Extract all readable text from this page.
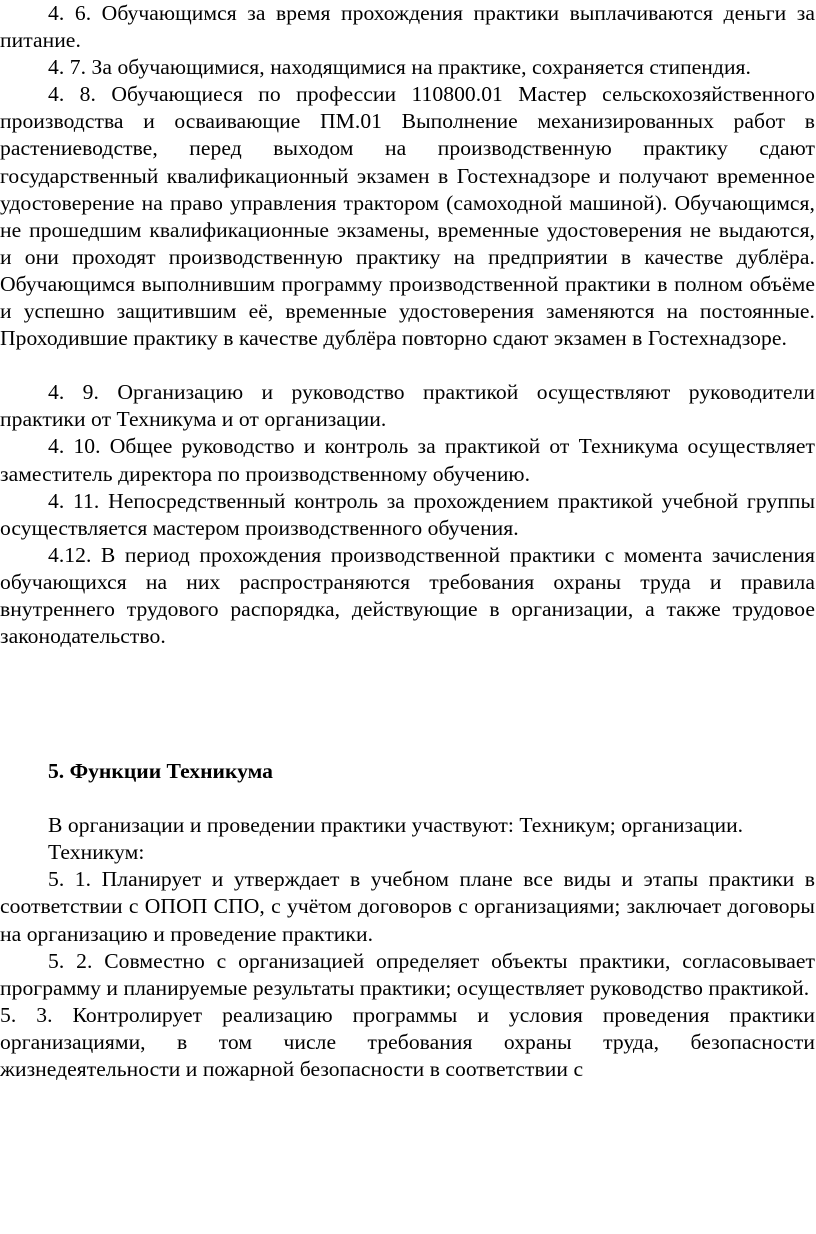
4. 6. Обучающимся за время прохождения практики выплачиваются деньги за питание.

4. 7. За обучающимися, находящимися на практике, сохраняется стипендия.

4. 8. Обучающиеся по профессии 110800.01 Мастер сельскохозяйственного производства и осваивающие ПМ.01 Выполнение механизированных работ в растениеводстве, перед выходом на производственную практику сдают государственный квалификационный экзамен в Гостехнадзоре и получают временное удостоверение на право управления трактором (самоходной машиной). Обучающимся, не прошедшим квалификационные экзамены, временные удостоверения не выдаются, и они проходят производственную практику на предприятии в качестве дублёра. Обучающимся выполнившим программу производственной практики в полном объёме и успешно защитившим её, временные удостоверения заменяются на постоянные. Проходившие практику в качестве дублёра повторно сдают экзамен в Гостехнадзоре.

4. 9. Организацию и руководство практикой осуществляют руководители практики от Техникума и от организации.

4. 10. Общее руководство и контроль за практикой от Техникума осуществляет заместитель директора по производственному обучению.

4. 11. Непосредственный контроль за прохождением практикой учебной группы осуществляется мастером производственного обучения.

4.12. В период прохождения производственной практики с момента зачисления обучающихся на них распространяются требования охраны труда и правила внутреннего трудового распорядка, действующие в организации, а также трудовое законодательство.

5. Функции Техникума

В организации и проведении практики участвуют: Техникум; организации.

Техникум:

5. 1. Планирует и утверждает в учебном плане все виды и этапы практики в соответствии с ОПОП СПО, с учётом договоров с организациями; заключает договоры на организацию и проведение практики.

5. 2. Совместно с организацией определяет объекты практики, согласовывает программу и планируемые результаты практики; осуществляет руководство практикой.

5. 3. Контролирует реализацию программы и условия проведения практики организациями, в том числе требования охраны труда, безопасности жизнедеятельности и пожарной безопасности в соответствии с
